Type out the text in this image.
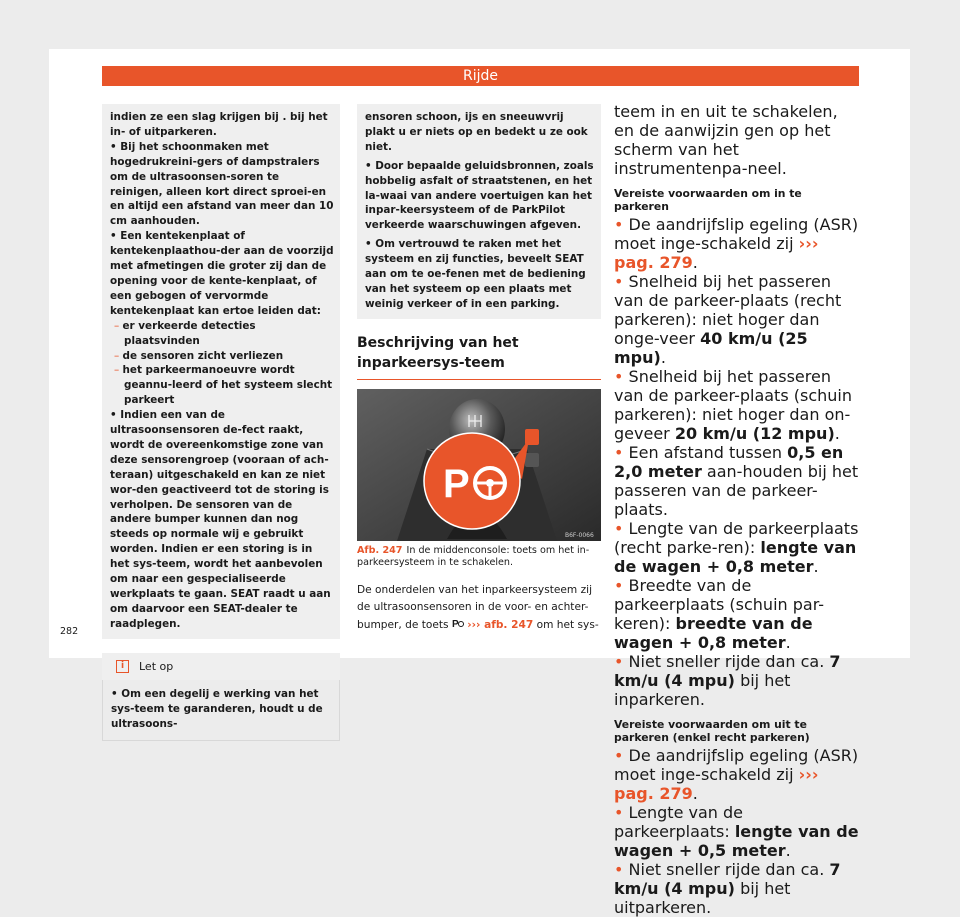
Rijde

indien ze een slag krijgen bij . bij het in- of uitparkeren.

• Bij het schoonmaken met hogedrukreini-gers of dampstralers om de ultrasoonsen-soren te reinigen, alleen kort direct sproei-en en altijd een afstand van meer dan 10 cm aanhouden.

• Een kentekenplaat of kentekenplaathou-der aan de voorzijd met afmetingen die groter zij dan de opening voor de kente-kenplaat, of een gebogen of vervormde kentekenplaat kan ertoe leiden dat:

– er verkeerde detecties plaatsvinden

– de sensoren zicht verliezen

– het parkeermanoeuvre wordt geannu-leerd of het systeem slecht parkeert

• Indien een van de ultrasoonsensoren de-fect raakt, wordt de overeenkomstige zone van deze sensorengroep (vooraan of ach-teraan) uitgeschakeld en kan ze niet wor-den geactiveerd tot de storing is verholpen. De sensoren van de andere bumper kunnen dan nog steeds op normale wij e gebruikt worden. Indien er een storing is in het sys-teem, wordt het aanbevolen om naar een gespecialiseerde werkplaats te gaan. SEAT raadt u aan om daarvoor een SEAT-dealer te raadplegen.

i Let op
• Om een degelij e werking van het sys-teem te garanderen, houdt u de ultrasoons-

ensoren schoon, ijs en sneeuwvrij plakt u er niets op en bedekt u ze ook niet.

• Door bepaalde geluidsbronnen, zoals hobbelig asfalt of straatstenen, en het la-waai van andere voertuigen kan het inpar-keersysteem of de ParkPilot verkeerde waarschuwingen afgeven.

• Om vertrouwd te raken met het systeem en zij functies, beveelt SEAT aan om te oe-fenen met de bediening van het systeem op een plaats met weinig verkeer of in een parking.

Beschrijving van het inparkeersys-teem
P
B6F-0066
Afb. 247 In de middenconsole: toets om het in-parkeersysteem in te schakelen.
De onderdelen van het inparkeersysteem zij de ultrasoonsensoren in de voor- en achter-bumper, de toets P ››› afb. 247 om het sys-

teem in en uit te schakelen, en de aanwijzin gen op het scherm van het instrumentenpa-neel.

Vereiste voorwaarden om in te parkeren

• De aandrijfslip egeling (ASR) moet inge-schakeld zij ››› pag. 279.

• Snelheid bij het passeren van de parkeer-plaats (recht parkeren): niet hoger dan onge-veer 40 km/u (25 mpu).

• Snelheid bij het passeren van de parkeer-plaats (schuin parkeren): niet hoger dan on-geveer 20 km/u (12 mpu).

• Een afstand tussen 0,5 en 2,0 meter aan-houden bij het passeren van de parkeer-plaats.

• Lengte van de parkeerplaats (recht parke-ren): lengte van de wagen + 0,8 meter.

• Breedte van de parkeerplaats (schuin par-keren): breedte van de wagen + 0,8 meter.

• Niet sneller rijde dan ca. 7 km/u (4 mpu) bij het inparkeren.

Vereiste voorwaarden om uit te parkeren (enkel recht parkeren)

• De aandrijfslip egeling (ASR) moet inge-schakeld zij ››› pag. 279.

• Lengte van de parkeerplaats: lengte van de wagen + 0,5 meter.

• Niet sneller rijde dan ca. 7 km/u (4 mpu) bij het uitparkeren.

282
